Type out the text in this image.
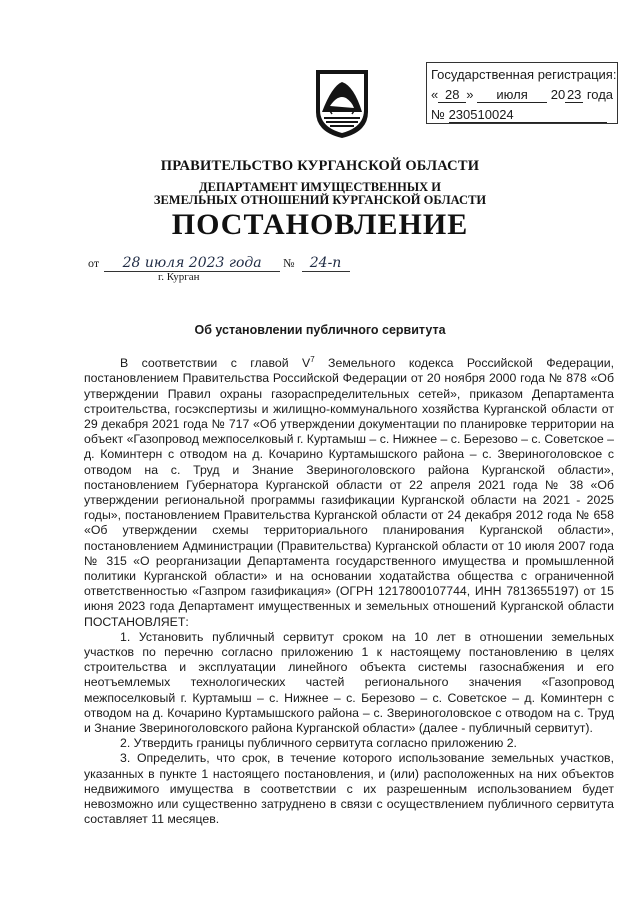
Государственная регистрация:
« 28 » июля 20 23 года
№ 230510024
ПРАВИТЕЛЬСТВО КУРГАНСКОЙ ОБЛАСТИ
ДЕПАРТАМЕНТ ИМУЩЕСТВЕННЫХ И
ЗЕМЕЛЬНЫХ ОТНОШЕНИЙ КУРГАНСКОЙ ОБЛАСТИ
ПОСТАНОВЛЕНИЕ
от 28 июля 2023 года № 24-п
г. Курган
Об установлении публичного сервитута

В соответствии с главой $V^7$ Земельного кодекса Российской Федерации, постановлением Правительства Российской Федерации от 20 ноября 2000 года № 878 «Об утверждении Правил охраны газораспределительных сетей», приказом Департамента строительства, госэкспертизы и жилищно-коммунального хозяйства Курганской области от 29 декабря 2021 года № 717 «Об утверждении документации по планировке территории на объект «Газопровод межпоселковый г. Куртамыш – с. Нижнее – с. Березово – с. Советское – д. Коминтерн с отводом на д. Кочарино Куртамышского района – с. Звериноголовское с отводом на с. Труд и Знание Звериноголовского района Курганской области», постановлением Губернатора Курганской области от 22 апреля 2021 года № 38 «Об утверждении региональной программы газификации Курганской области на 2021 - 2025 годы», постановлением Правительства Курганской области от 24 декабря 2012 года № 658 «Об утверждении схемы территориального планирования Курганской области», постановлением Администрации (Правительства) Курганской области от 10 июля 2007 года № 315 «О реорганизации Департамента государственного имущества и промышленной политики Курганской области» и на основании ходатайства общества с ограниченной ответственностью «Газпром газификация» (ОГРН 1217800107744, ИНН 7813655197) от 15 июня 2023 года Департамент имущественных и земельных отношений Курганской области ПОСТАНОВЛЯЕТ:

1. Установить публичный сервитут сроком на 10 лет в отношении земельных участков по перечню согласно приложению 1 к настоящему постановлению в целях строительства и эксплуатации линейного объекта системы газоснабжения и его неотъемлемых технологических частей регионального значения «Газопровод межпоселковый г. Куртамыш – с. Нижнее – с. Березово – с. Советское – д. Коминтерн с отводом на д. Кочарино Куртамышского района – с. Звериноголовское с отводом на с. Труд и Знание Звериноголовского района Курганской области» (далее - публичный сервитут).

2. Утвердить границы публичного сервитута согласно приложению 2.

3. Определить, что срок, в течение которого использование земельных участков, указанных в пункте 1 настоящего постановления, и (или) расположенных на них объектов недвижимого имущества в соответствии с их разрешенным использованием будет невозможно или существенно затруднено в связи с осуществлением публичного сервитута составляет 11 месяцев.
